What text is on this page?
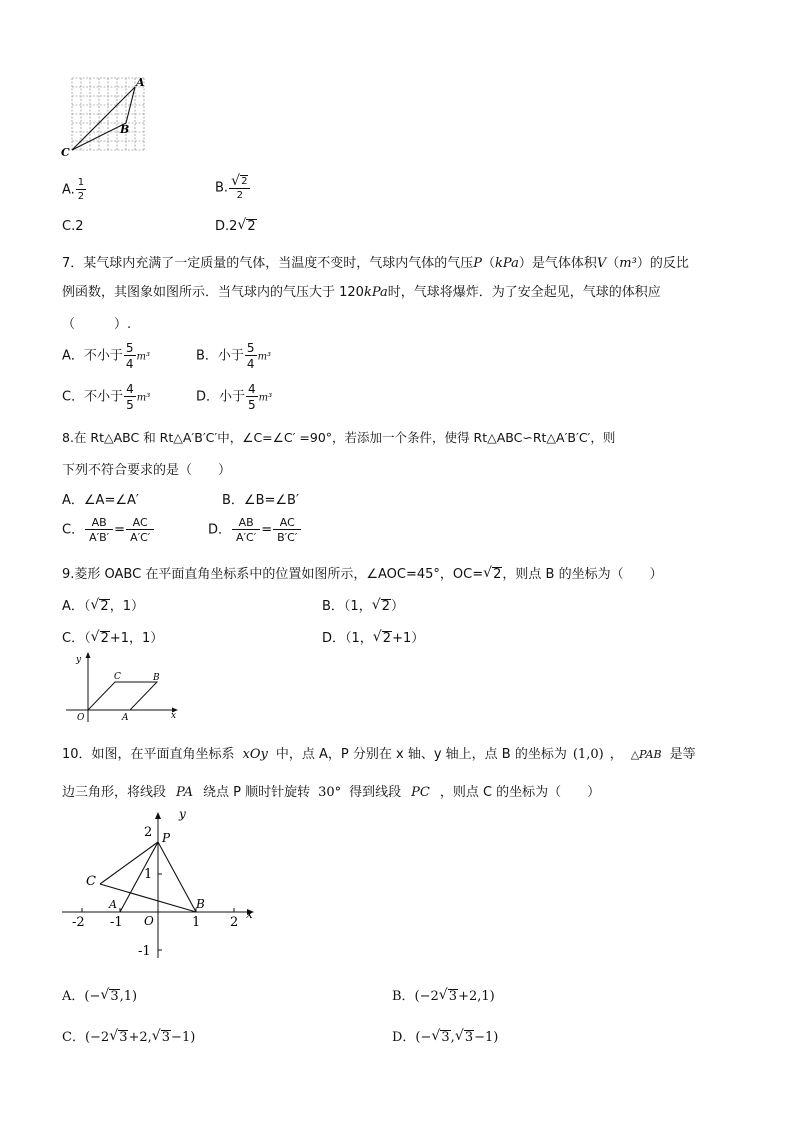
A
B
C
A. $\frac{1}{2}$	B. √ $\frac{2}{2}$
C.2	D.2 √ 2
7．某气球内充满了一定质量的气体，当温度不变时，气球内气体的气压P（kPa）是气体体积V（m³）的反比
例函数，其图象如图所示．当气球内的气压大于 120kPa时，气球将爆炸．为了安全起见，气球的体积应
（　　　）.
A．不小于 $\frac{5}{4} m^3$	B．小于 $\frac{5}{4} m^3$
C．不小于 $\frac{4}{5} m^3$	D．小于 $\frac{4}{5} m^3$
8.在 Rt△ABC 和 Rt△A′B′C′中，∠C=∠C′ =90°，若添加一个条件，使得 Rt△ABC∽Rt△A′B′C′，则
下列不符合要求的是（　　）
A．∠A=∠A′	B．∠B=∠B′
C． $\frac{AB}{A'B'} = \frac{AC}{A'C'}$	D． $\frac{AB}{A'C'} = \frac{AC}{B'C'}$
9.菱形 OABC 在平面直角坐标系中的位置如图所示，∠AOC=45°，OC= √ 2，则点 B 的坐标为（　　）
A．（ √ 2，1）	B．（1， √ 2）
C．（ √ 2+1，1）	D．（1， √ 2+1）
y
x
O	A
B
C
10．如图，在平面直角坐标系 xOy 中，点 A，P 分别在 x 轴、y 轴上，点 B 的坐标为 (1,0) ， △PAB 是等
边三角形，将线段 PA 绕点 P 顺时针旋转 30° 得到线段 PC ，则点 C 的坐标为（　　）
y
x
P
C
A	B
O
-2 -1	1 2
2
1
-1
A．(− √ 3,1)	B．(−2 √ 3+2,1)
C．(−2 √ 3+2, √ 3−1)	D．(− √ 3, √ 3−1)
